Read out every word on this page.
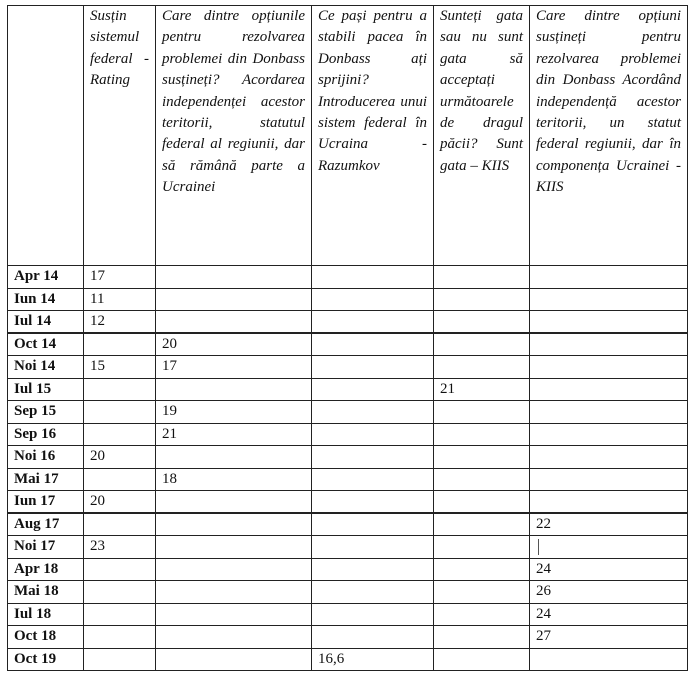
	Susțin sistemul federal - Rating	Care dintre opțiunile pentru rezolvarea problemei din Donbass susțineți? Acordarea independenței acestor teritorii, statutul federal al regiunii, dar să rămână parte a Ucrainei	Ce pași pentru a stabili pacea în Donbass ați sprijini? Introducerea unui sistem federal în Ucraina - Razumkov	Sunteți gata sau nu sunt gata să acceptați următoarele de dragul păcii? Sunt gata – KIIS	Care dintre opțiuni susțineți pentru rezolvarea problemei din Donbass Acordând independență acestor teritorii, un statut federal regiunii, dar în componența Ucrainei - KIIS
Apr 14	17				
Iun 14	11				
Iul 14	12				
Oct 14		20			
Noi 14	15	17			
Iul 15				21	
Sep 15		19			
Sep 16		21			
Noi 16	20				
Mai 17		18			
Iun 17	20				
Aug 17					22
Noi 17	23				
Apr 18					24
Mai 18					26
Iul 18					24
Oct 18					27
Oct 19			16,6		
